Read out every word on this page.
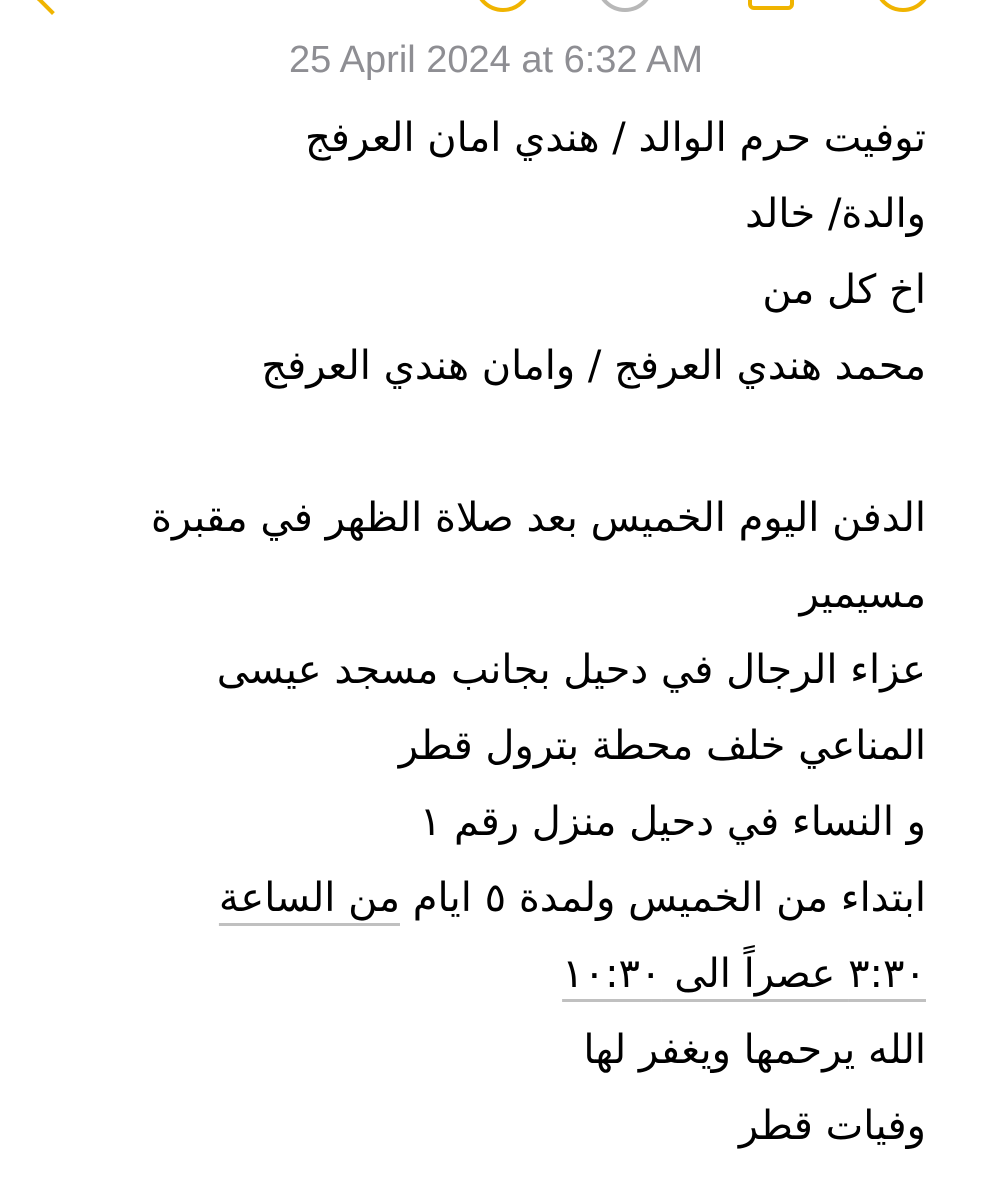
25 April 2024 at 6:32 AM
توفيت حرم الوالد / هندي امان العرفج
والدة/ خالد
اخ كل من
محمد هندي العرفج / وامان هندي العرفج
الدفن اليوم الخميس بعد صلاة الظهر في مقبرة
مسيمير
عزاء الرجال في دحيل بجانب مسجد عيسى
المناعي خلف محطة بترول قطر
و النساء في دحيل منزل رقم ١
ابتداء من الخميس ولمدة ٥ ايام من الساعة
٣:٣٠ عصراً الى ١٠:٣٠
الله يرحمها ويغفر لها
وفيات قطر
